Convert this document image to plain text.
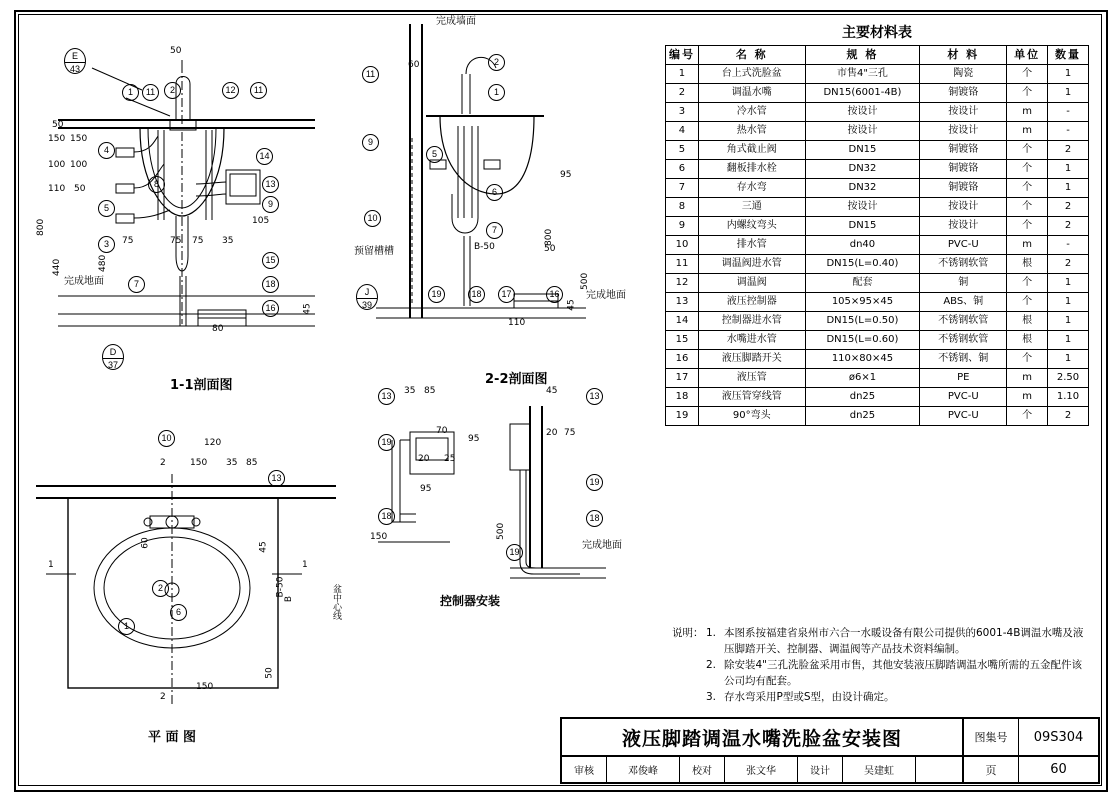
E
43
D
37
1	11	2	12	11
4
14
8	13
5	9
3
15
7	18
16
50
50
150 150
100 100
110 50
105
75	75 75 35
80
45
800
440	480
完成地面
1-1剖面图
完成墙面
预留槽槽
完成地面
J
39
11
2
1
9
5
6
10
7
19	18	17	16
60
95
800
500
50
110
45
B-50
2-2剖面图
13	13
19
19
18	18
19
35 85	45
70
95
25
20
95
150	500
20 75
完成地面
控制器安装
10
13
2
6
1
120
150 35 85
60	45
50
150
1	1
2
2
B-50
B	盆中心线
平 面 图
主要材料表
编号	名 称	规 格	材 料	单位	数量
1	台上式洗脸盆	市售4"三孔	陶瓷	个	1
2	调温水嘴	DN15(6001-4B)	铜镀铬	个	1
3	冷水管	按设计	按设计	m	-
4	热水管	按设计	按设计	m	-
5	角式截止阀	DN15	铜镀铬	个	2
6	翻板排水栓	DN32	铜镀铬	个	1
7	存水弯	DN32	铜镀铬	个	1
8	三通	按设计	按设计	个	2
9	内螺纹弯头	DN15	按设计	个	2
10	排水管	dn40	PVC-U	m	-
11	调温阀进水管	DN15(L=0.40)	不锈钢软管	根	2
12	调温阀	配套	铜	个	1
13	液压控制器	105×95×45	ABS、铜	个	1
14	控制器进水管	DN15(L=0.50)	不锈钢软管	根	1
15	水嘴进水管	DN15(L=0.60)	不锈钢软管	根	1
16	液压脚踏开关	110×80×45	不锈钢、铜	个	1
17	液压管	ø6×1	PE	m	2.50
18	液压管穿线管	dn25	PVC-U	m	1.10
19	90°弯头	dn25	PVC-U	个	2
说明： 1. 本图系按福建省泉州市六合一水暖设备有限公司提供的6001-4B调温水嘴及液压脚踏开关、控制器、调温阀等产品技术资料编制。
2. 除安装4"三孔洗脸盆采用市售，其他安装液压脚踏调温水嘴所需的五金配件该公司均有配套。
3. 存水弯采用P型或S型，由设计确定。
液压脚踏调温水嘴洗脸盆安装图	图集号	09S304
审核	邓俊峰	校对	张文华	设计	吴建虹	页	60
